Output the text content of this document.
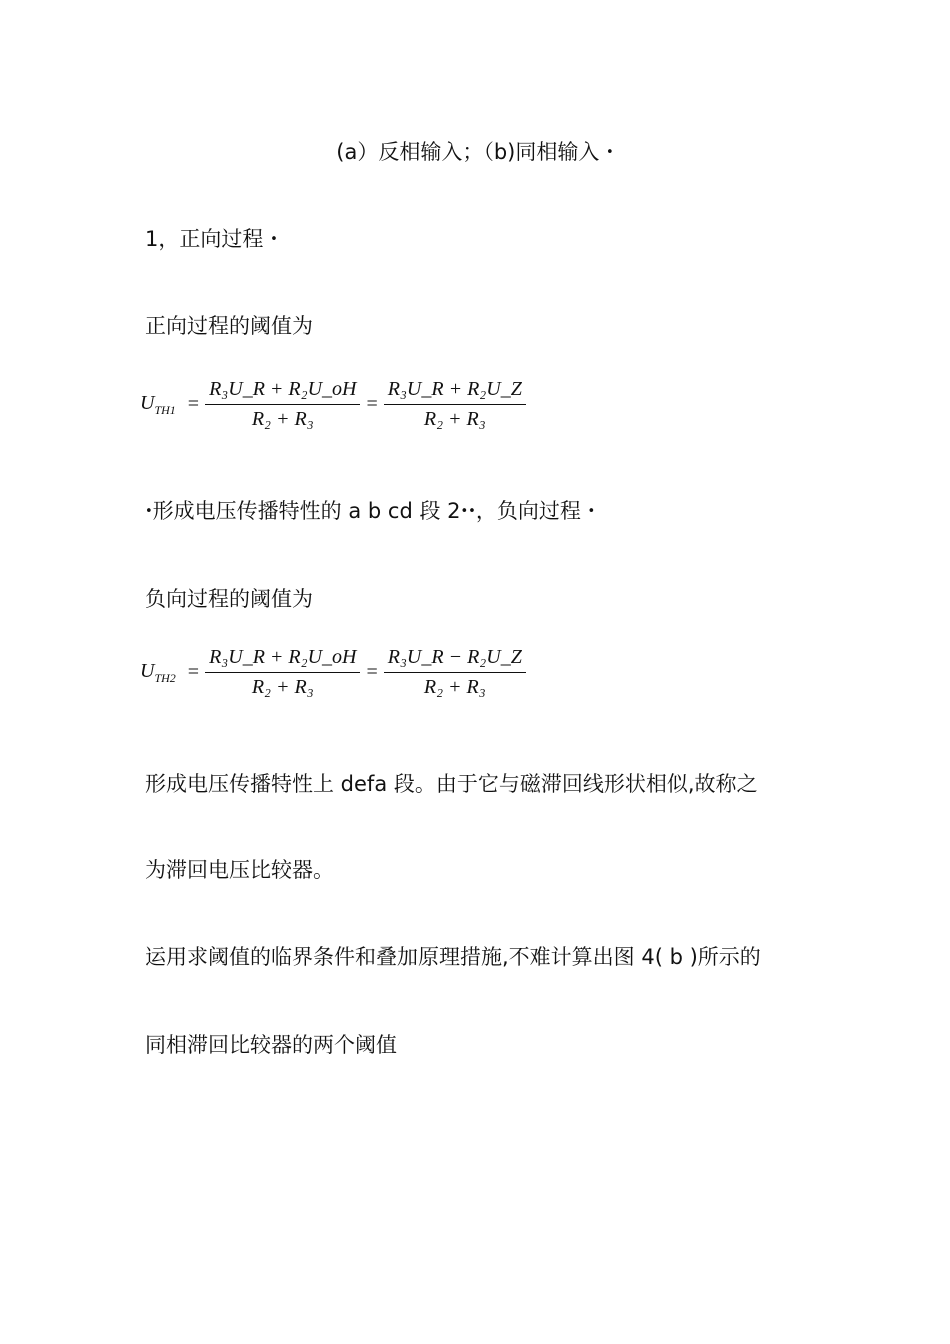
(a）反相输入；（b)同相输入 •
1，正向过程 •
正向过程的阈值为
$U_{TH1} = \frac{\text{R₃U\_R + R₂U\_oH}}{\text{R₂ + R₃}} = \frac{\text{R₃U\_R + R₂U\_Z}}{\text{R₂ + R₃}}$
•形成电压传播特性的 a b cd 段 2••，负向过程 •
负向过程的阈值为
$U_{TH2} = \frac{\text{R₃U\_R + R₂U\_oH}}{\text{R₂ + R₃}} = \frac{\text{R₃U\_R − R₂U\_Z}}{\text{R₂ + R₃}}$
形成电压传播特性上 defa 段。由于它与磁滞回线形状相似,故称之
为滞回电压比较器。
运用求阈值的临界条件和叠加原理措施,不难计算出图 4( b )所示的
同相滞回比较器的两个阈值
